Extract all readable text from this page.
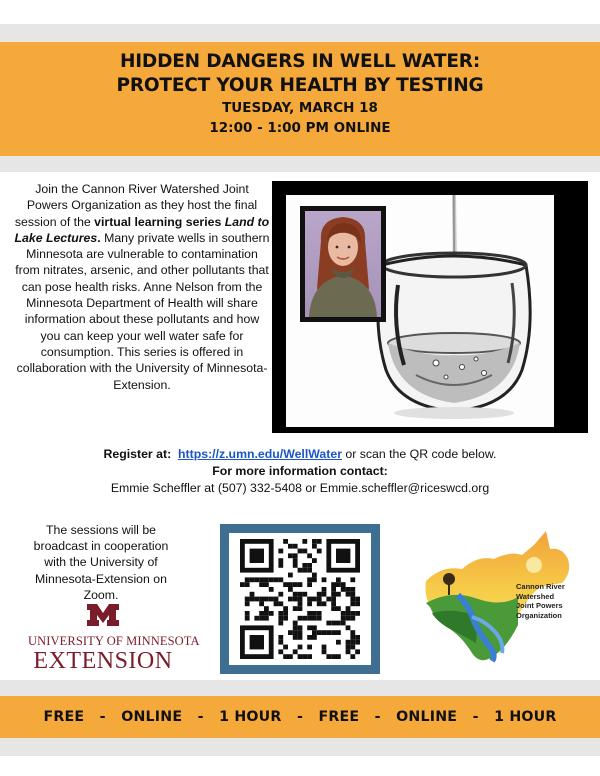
HIDDEN DANGERS IN WELL WATER:
PROTECT YOUR HEALTH BY TESTING
TUESDAY, MARCH 18
12:00 - 1:00 PM ONLINE
Join the Cannon River Watershed Joint Powers Organization as they host the final session of the virtual learning series Land to Lake Lectures. Many private wells in southern Minnesota are vulnerable to contamination from nitrates, arsenic, and other pollutants that can pose health risks. Anne Nelson from the Minnesota Department of Health will share information about these pollutants and how you can keep your well water safe for consumption. This series is offered in collaboration with the University of Minnesota-Extension.
Register at: https://z.umn.edu/WellWater or scan the QR code below.
For more information contact:
Emmie Scheffler at (507) 332-5408 or Emmie.scheffler@riceswcd.org
The sessions will be broadcast in cooperation with the University of Minnesota-Extension on Zoom.
UNIVERSITY OF MINNESOTA
EXTENSION
Cannon River
Watershed
Joint Powers
Organization
FREE   -   ONLINE   -   1 HOUR   -   FREE   -   ONLINE   -   1 HOUR
